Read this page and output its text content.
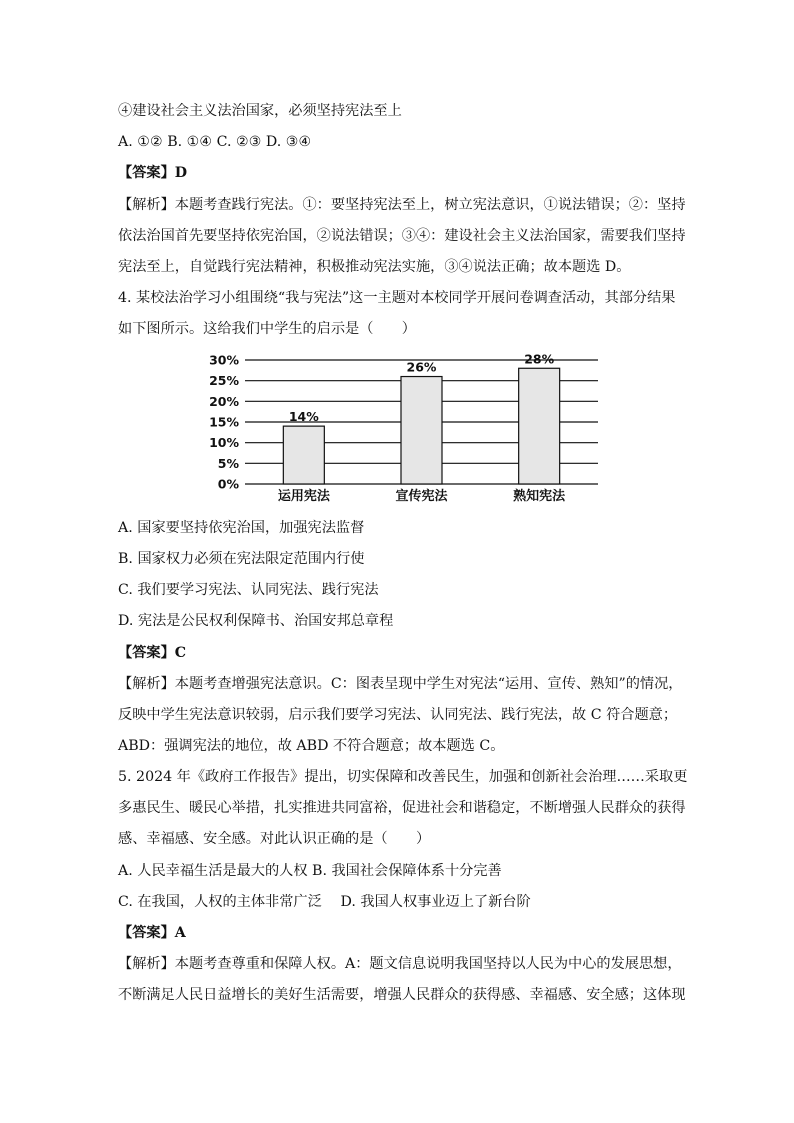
④建设社会主义法治国家，必须坚持宪法至上
A. ①② B. ①④ C. ②③ D. ③④
【答案】D
【解析】本题考查践行宪法。①：要坚持宪法至上，树立宪法意识，①说法错误；②：坚持
依法治国首先要坚持依宪治国，②说法错误；③④：建设社会主义法治国家，需要我们坚持
宪法至上，自觉践行宪法精神，积极推动宪法实施，③④说法正确；故本题选 D。
4. 某校法治学习小组围绕“我与宪法”这一主题对本校同学开展问卷调查活动，其部分结果
如下图所示。这给我们中学生的启示是（　　）
0%
5%
10%
15%
20%
25%
30%
14%
26%
28%
运用宪法	宣传宪法	熟知宪法
A. 国家要坚持依宪治国，加强宪法监督
B. 国家权力必须在宪法限定范围内行使
C. 我们要学习宪法、认同宪法、践行宪法
D. 宪法是公民权利保障书、治国安邦总章程
【答案】C
【解析】本题考查增强宪法意识。C：图表呈现中学生对宪法“运用、宣传、熟知”的情况，
反映中学生宪法意识较弱，启示我们要学习宪法、认同宪法、践行宪法，故 C 符合题意；
ABD：强调宪法的地位，故 ABD 不符合题意；故本题选 C。
5. 2024 年《政府工作报告》提出，切实保障和改善民生，加强和创新社会治理……采取更
多惠民生、暖民心举措，扎实推进共同富裕，促进社会和谐稳定，不断增强人民群众的获得
感、幸福感、安全感。对此认识正确的是（　　）
A. 人民幸福生活是最大的人权 B. 我国社会保障体系十分完善
C. 在我国，人权的主体非常广泛　 D. 我国人权事业迈上了新台阶
【答案】A
【解析】本题考查尊重和保障人权。A：题文信息说明我国坚持以人民为中心的发展思想，
不断满足人民日益增长的美好生活需要，增强人民群众的获得感、幸福感、安全感；这体现
